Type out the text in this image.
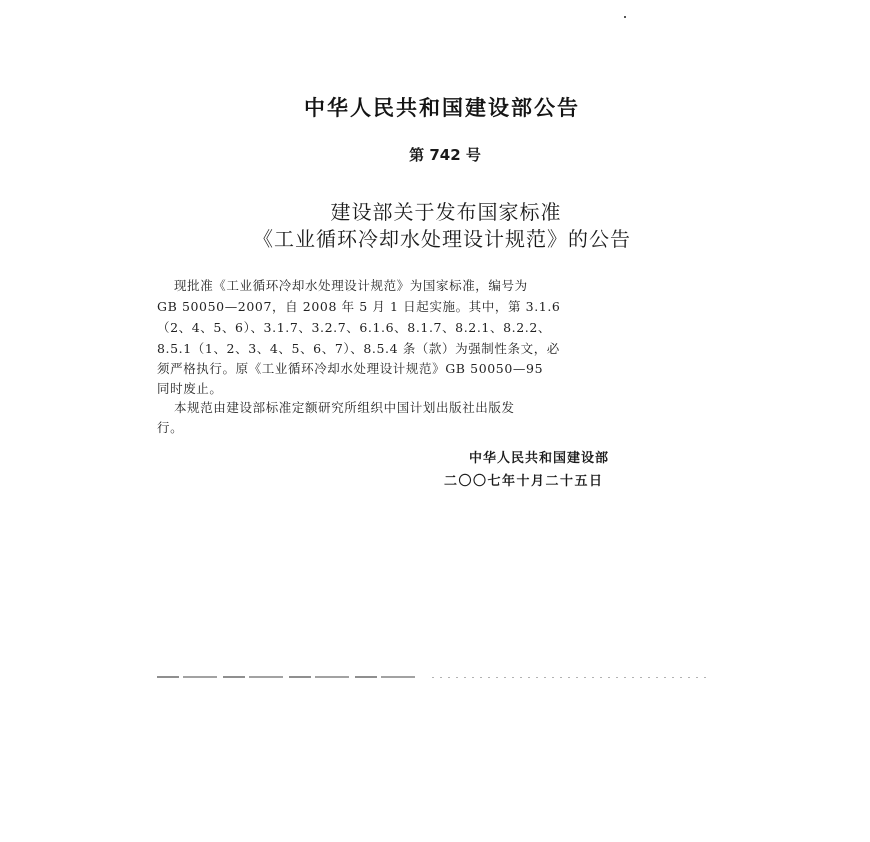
中华人民共和国建设部公告
第 742 号
建设部关于发布国家标准
《工业循环冷却水处理设计规范》的公告
现批准《工业循环冷却水处理设计规范》为国家标准，编号为
GB 50050—2007，自 2008 年 5 月 1 日起实施。其中，第 3.1.6
（2、4、5、6）、3.1.7、3.2.7、6.1.6、8.1.7、8.2.1、8.2.2、
8.5.1（1、2、3、4、5、6、7）、8.5.4 条（款）为强制性条文，必
须严格执行。原《工业循环冷却水处理设计规范》GB 50050—95
同时废止。
本规范由建设部标准定额研究所组织中国计划出版社出版发
行。
中华人民共和国建设部
二〇〇七年十月二十五日
